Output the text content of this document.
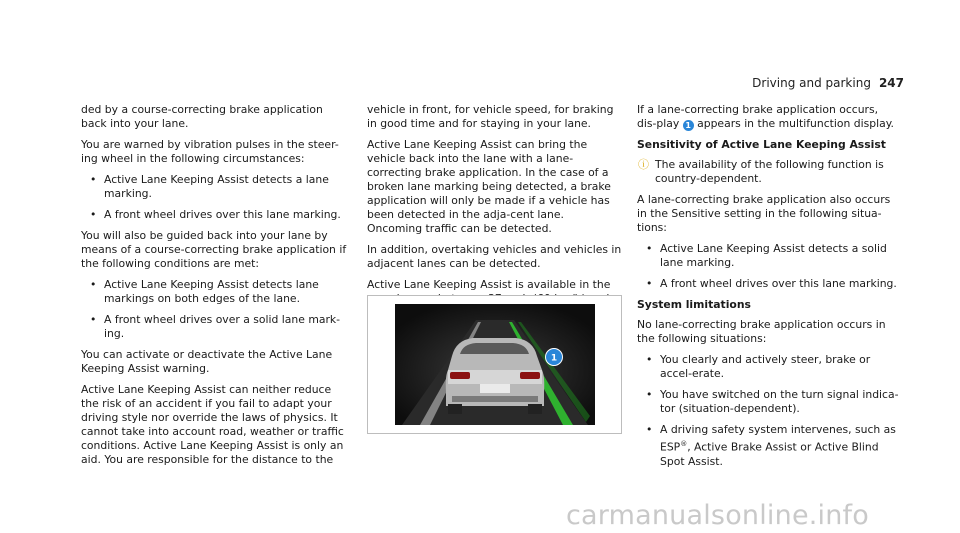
Driving and parking 247

ded by a course-correcting brake application back into your lane.

You are warned by vibration pulses in the steer-ing wheel in the following circumstances:

• Active Lane Keeping Assist detects a lane marking.
• A front wheel drives over this lane marking.

You will also be guided back into your lane by means of a course-correcting brake application if the following conditions are met:

• Active Lane Keeping Assist detects lane markings on both edges of the lane.
• A front wheel drives over a solid lane mark-ing.

You can activate or deactivate the Active Lane Keeping Assist warning.

Active Lane Keeping Assist can neither reduce the risk of an accident if you fail to adapt your driving style nor override the laws of physics. It cannot take into account road, weather or traffic conditions. Active Lane Keeping Assist is only an aid. You are responsible for the distance to the

vehicle in front, for vehicle speed, for braking in good time and for staying in your lane.

Active Lane Keeping Assist can bring the vehicle back into the lane with a lane-correcting brake application. In the case of a broken lane marking being detected, a brake application will only be made if a vehicle has been detected in the adja-cent lane. Oncoming traffic can be detected.

In addition, overtaking vehicles and vehicles in adjacent lanes can be detected.

Active Lane Keeping Assist is available in the

1

If a lane-correcting brake application occurs, dis-play 1 appears in the multifunction display.

Sensitivity of Active Lane Keeping Assist

ⓘ The availability of the following function is country-dependent.

A lane-correcting brake application also occurs in the Sensitive setting in the following situa-tions:

• Active Lane Keeping Assist detects a solid lane marking.
• A front wheel drives over this lane marking.

System limitations

No lane-correcting brake application occurs in the following situations:

• You clearly and actively steer, brake or accel-erate.
• You have switched on the turn signal indica-tor (situation-dependent).
• A driving safety system intervenes, such as ESP®, Active Brake Assist or Active Blind Spot Assist.
carmanualsonline.info
